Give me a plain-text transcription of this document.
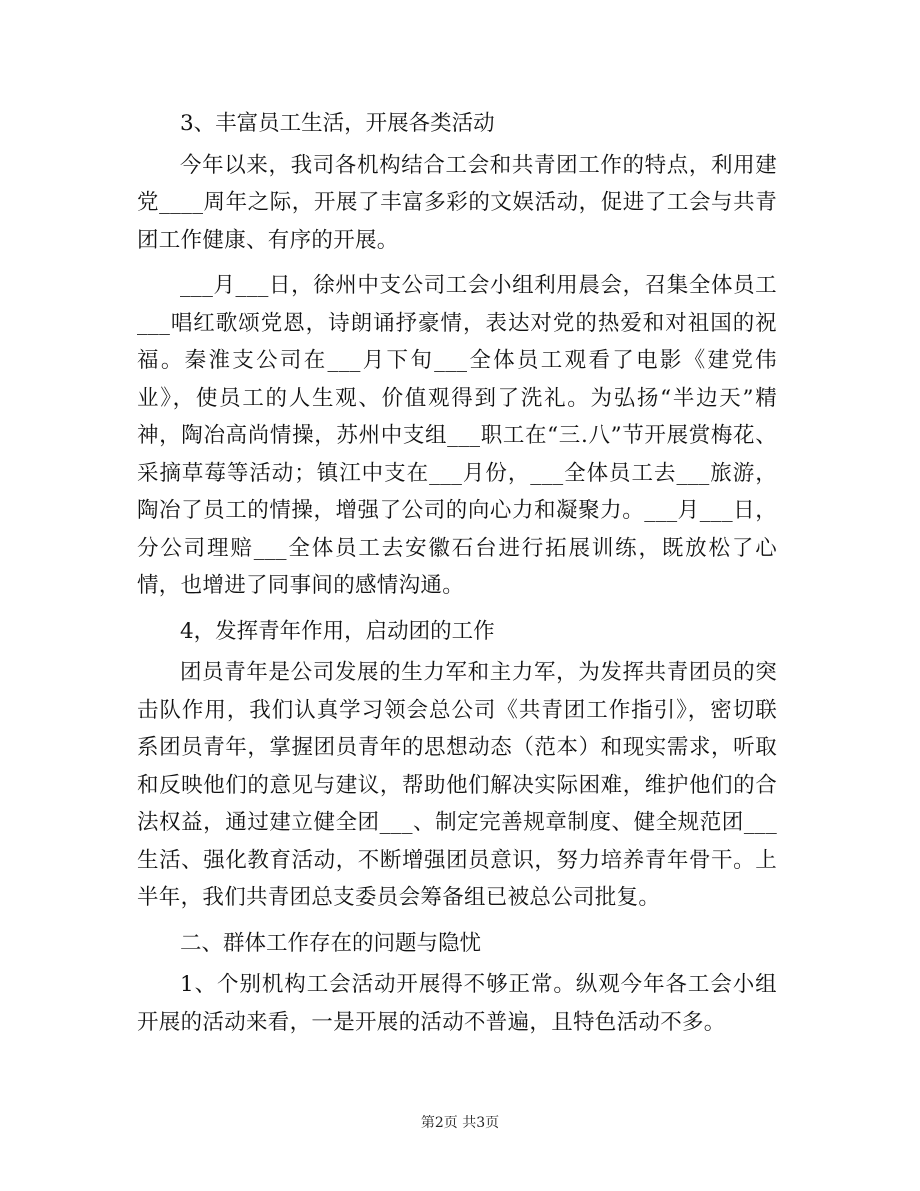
3、丰富员工生活，开展各类活动

今年以来，我司各机构结合工会和共青团工作的特点，利用建党____周年之际，开展了丰富多彩的文娱活动，促进了工会与共青团工作健康、有序的开展。

___月___日，徐州中支公司工会小组利用晨会，召集全体员工___唱红歌颂党恩，诗朗诵抒豪情，表达对党的热爱和对祖国的祝福。秦淮支公司在___月下旬___全体员工观看了电影《建党伟业》，使员工的人生观、价值观得到了洗礼。为弘扬“半边天”精神，陶冶高尚情操，苏州中支组___职工在“三.八”节开展赏梅花、采摘草莓等活动；镇江中支在___月份，___全体员工去___旅游，陶冶了员工的情操，增强了公司的向心力和凝聚力。___月___日，分公司理赔___全体员工去安徽石台进行拓展训练，既放松了心情，也增进了同事间的感情沟通。

4，发挥青年作用，启动团的工作

团员青年是公司发展的生力军和主力军，为发挥共青团员的突击队作用，我们认真学习领会总公司《共青团工作指引》，密切联系团员青年，掌握团员青年的思想动态（范本）和现实需求，听取和反映他们的意见与建议，帮助他们解决实际困难，维护他们的合法权益，通过建立健全团___、制定完善规章制度、健全规范团___生活、强化教育活动，不断增强团员意识，努力培养青年骨干。上半年，我们共青团总支委员会筹备组已被总公司批复。

二、群体工作存在的问题与隐忧

1、个别机构工会活动开展得不够正常。纵观今年各工会小组开展的活动来看，一是开展的活动不普遍，且特色活动不多。

第2页 共3页
